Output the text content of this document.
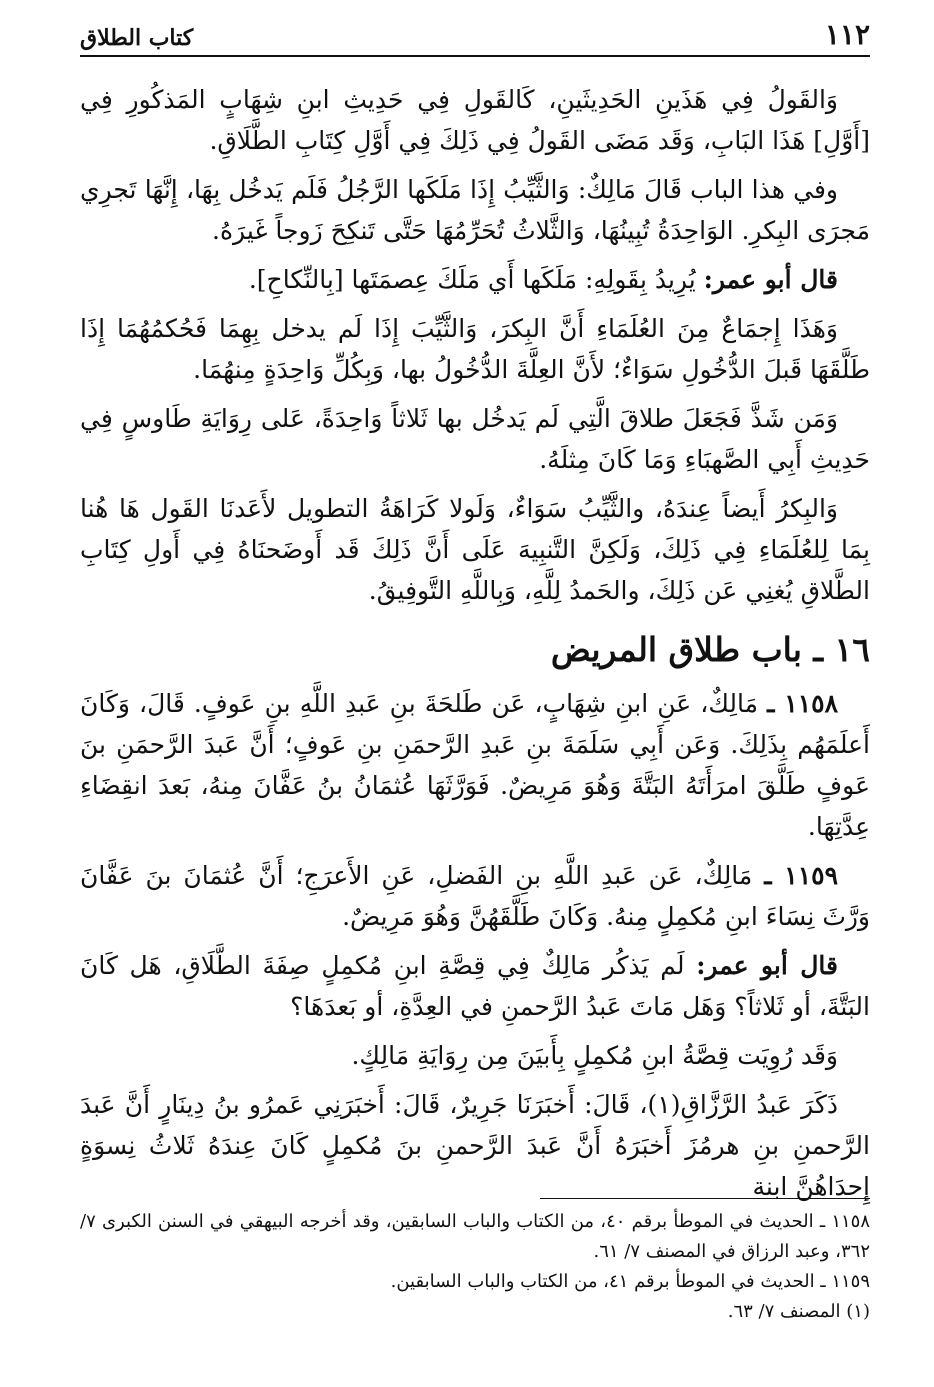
١١٢
كتاب الطلاق

وَالقَولُ فِي هَذَينِ الحَدِيثَينِ، كَالقَولِ فِي حَدِيثِ ابنِ شِهَابٍ المَذكُورِ فِي [أَوَّلِ] هَذَا البَابِ، وَقَد مَضَى القَولُ فِي ذَلِكَ فِي أَوَّلِ كِتَابِ الطَّلَاقِ.

وفي هذا الباب قَالَ مَالِكٌ: وَالثَّيِّبُ إِذَا مَلَكَها الرَّجُلُ فَلَم يَدخُل بِهَا، إِنَّهَا تَجرِي مَجرَى البِكرِ. الوَاحِدَةُ تُبِينُهَا، وَالثَّلاثُ تُحَرِّمُهَا حَتَّى تَنكِحَ زَوجاً غَيرَهُ.

قال أبو عمر: يُرِيدُ بِقَولِهِ: مَلَكَها أَي مَلَكَ عِصمَتَها [بِالنِّكاحِ].

وَهَذَا إِجمَاعٌ مِنَ العُلَمَاءِ أَنَّ البِكرَ، وَالثَّيِّبَ إِذَا لَم يدخل بِهِمَا فَحُكمُهُمَا إِذَا طَلَّقَهَا قَبلَ الدُّخُولِ سَوَاءٌ؛ لأَنَّ العِلَّةَ الدُّخُولُ بها، وَبِكُلِّ وَاحِدَةٍ مِنهُمَا.

وَمَن شَذَّ فَجَعَلَ طلاقَ الَّتِي لَم يَدخُل بها ثَلاثاً وَاحِدَةً، عَلى رِوَايَةِ طَاوسٍ فِي حَدِيثِ أَبِي الصَّهبَاءِ وَمَا كَانَ مِثلَهُ.

وَالبِكرُ أَيضاً عِندَهُ، والثَّيِّبُ سَوَاءٌ، وَلَولا كَرَاهَةُ التطويل لأَعَدنَا القَول هَا هُنا بِمَا لِلعُلَمَاءِ فِي ذَلِكَ، وَلَكِنَّ التَّنبِيهَ عَلَى أَنَّ ذَلِكَ قَد أَوضَحنَاهُ فِي أَولِ كِتَابِ الطَّلاقِ يُغنِي عَن ذَلِكَ، والحَمدُ لِلَّهِ، وَبِاللَّهِ التَّوفِيقُ.

١٦ ـ باب طلاق المريض

١١٥٨ ـ مَالِكٌ، عَنِ ابنِ شِهَابٍ، عَن طَلحَةَ بنِ عَبدِ اللَّهِ بنِ عَوفٍ. قَالَ، وَكَانَ أَعلَمَهُم بِذَلِكَ. وَعَن أَبِي سَلَمَةَ بنِ عَبدِ الرَّحمَنِ بنِ عَوفٍ؛ أَنَّ عَبدَ الرَّحمَنِ بنَ عَوفٍ طَلَّقَ امرَأَتَهُ البَتَّةَ وَهُوَ مَرِيضٌ. فَوَرَّثَهَا عُثمَانُ بنُ عَفَّانَ مِنهُ، بَعدَ انقِضَاءِ عِدَّتِهَا.

١١٥٩ ـ مَالِكٌ، عَن عَبدِ اللَّهِ بنِ الفَضلِ، عَنِ الأَعرَجِ؛ أَنَّ عُثمَانَ بنَ عَفَّانَ وَرَّثَ نِسَاءَ ابنِ مُكمِلٍ مِنهُ. وَكَانَ طَلَّقَهُنَّ وَهُوَ مَرِيضٌ.

قال أبو عمر: لَم يَذكُر مَالِكٌ فِي قِصَّةِ ابنِ مُكمِلٍ صِفَةَ الطَّلَاقِ، هَل كَانَ البَتَّةَ، أو ثَلاثاً؟ وَهَل مَاتَ عَبدُ الرَّحمنِ في العِدَّةِ، أو بَعدَهَا؟

وَقَد رُوِيَت قِصَّةُ ابنِ مُكمِلٍ بِأَبيَنَ مِن رِوَايَةِ مَالِكٍ.

ذَكَرَ عَبدُ الرَّزَّاقِ(١)، قَالَ: أَخبَرَنَا جَرِيرٌ، قَالَ: أَخبَرَنِي عَمرُو بنُ دِينَارٍ أَنَّ عَبدَ الرَّحمنِ بنِ هرمُزَ أَخبَرَهُ أَنَّ عَبدَ الرَّحمنِ بنَ مُكمِلٍ كَانَ عِندَهُ ثَلاثُ نِسوَةٍ إِحدَاهُنَّ ابنة

١١٥٨ ـ الحديث في الموطأ برقم ٤٠، من الكتاب والباب السابقين، وقد أخرجه البيهقي في السنن الكبرى ٧/ ٣٦٢، وعبد الرزاق في المصنف ٧/ ٦١.

١١٥٩ ـ الحديث في الموطأ برقم ٤١، من الكتاب والباب السابقين.

(١) المصنف ٧/ ٦٣.
